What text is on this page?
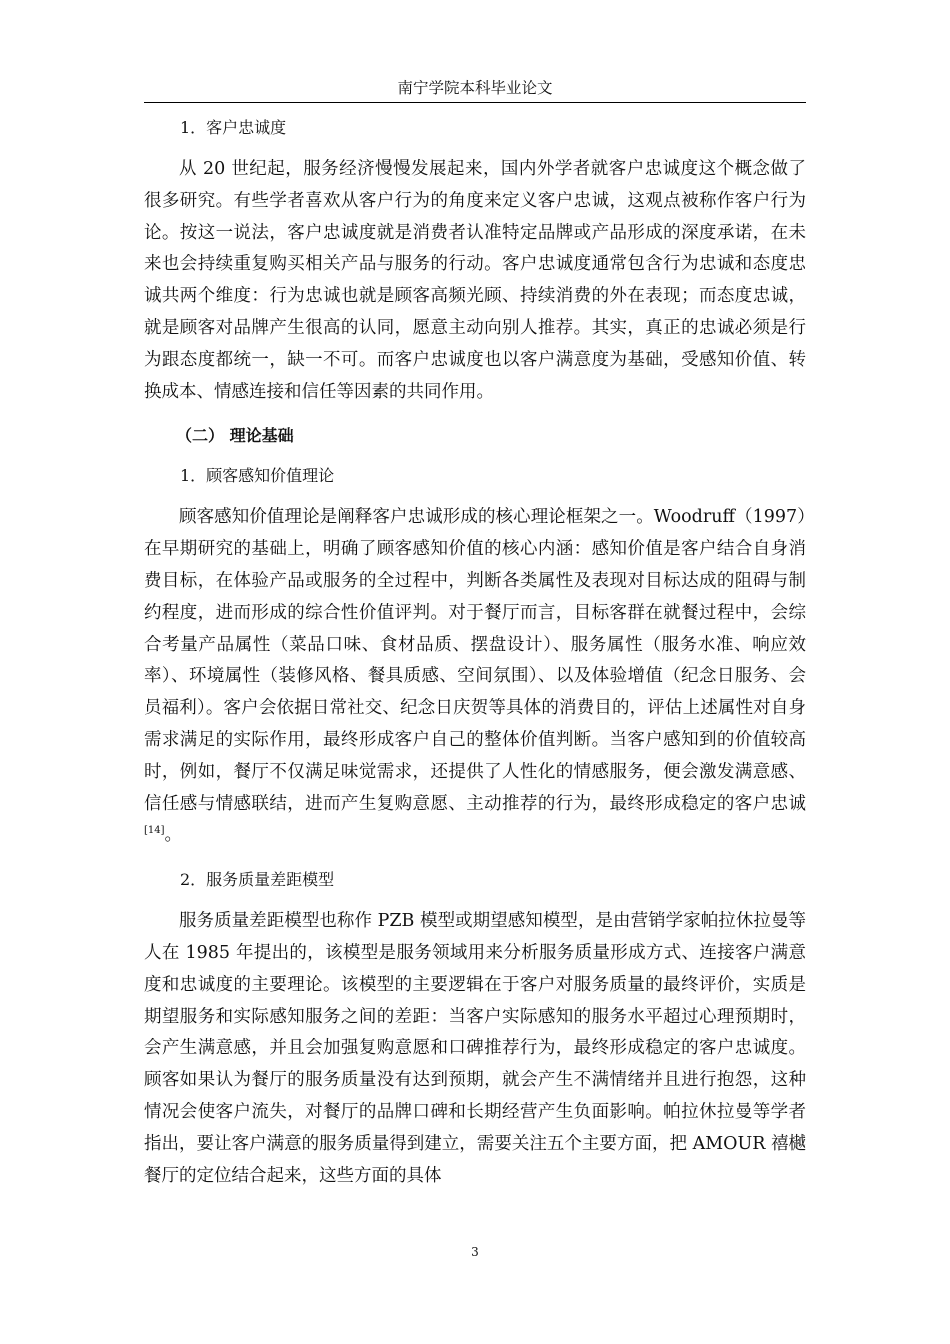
南宁学院本科毕业论文

1．客户忠诚度

从 20 世纪起，服务经济慢慢发展起来，国内外学者就客户忠诚度这个概念做了很多研究。有些学者喜欢从客户行为的角度来定义客户忠诚，这观点被称作客户行为论。按这一说法，客户忠诚度就是消费者认准特定品牌或产品形成的深度承诺，在未来也会持续重复购买相关产品与服务的行动。客户忠诚度通常包含行为忠诚和态度忠诚共两个维度：行为忠诚也就是顾客高频光顾、持续消费的外在表现；而态度忠诚，就是顾客对品牌产生很高的认同，愿意主动向别人推荐。其实，真正的忠诚必须是行为跟态度都统一，缺一不可。而客户忠诚度也以客户满意度为基础，受感知价值、转换成本、情感连接和信任等因素的共同作用。

（二） 理论基础

1．顾客感知价值理论

顾客感知价值理论是阐释客户忠诚形成的核心理论框架之一。Woodruff（1997）在早期研究的基础上，明确了顾客感知价值的核心内涵：感知价值是客户结合自身消费目标，在体验产品或服务的全过程中，判断各类属性及表现对目标达成的阻碍与制约程度，进而形成的综合性价值评判。对于餐厅而言，目标客群在就餐过程中，会综合考量产品属性（菜品口味、食材品质、摆盘设计）、服务属性（服务水准、响应效率）、环境属性（装修风格、餐具质感、空间氛围）、以及体验增值（纪念日服务、会员福利）。客户会依据日常社交、纪念日庆贺等具体的消费目的，评估上述属性对自身需求满足的实际作用，最终形成客户自己的整体价值判断。当客户感知到的价值较高时，例如，餐厅不仅满足味觉需求，还提供了人性化的情感服务，便会激发满意感、信任感与情感联结，进而产生复购意愿、主动推荐的行为，最终形成稳定的客户忠诚[14]。

2．服务质量差距模型

服务质量差距模型也称作 PZB 模型或期望感知模型，是由营销学家帕拉休拉曼等人在 1985 年提出的，该模型是服务领域用来分析服务质量形成方式、连接客户满意度和忠诚度的主要理论。该模型的主要逻辑在于客户对服务质量的最终评价，实质是期望服务和实际感知服务之间的差距：当客户实际感知的服务水平超过心理预期时，会产生满意感，并且会加强复购意愿和口碑推荐行为，最终形成稳定的客户忠诚度。顾客如果认为餐厅的服务质量没有达到预期，就会产生不满情绪并且进行抱怨，这种情况会使客户流失，对餐厅的品牌口碑和长期经营产生负面影响。帕拉休拉曼等学者指出，要让客户满意的服务质量得到建立，需要关注五个主要方面，把 AMOUR 禧樾餐厅的定位结合起来，这些方面的具体

3
